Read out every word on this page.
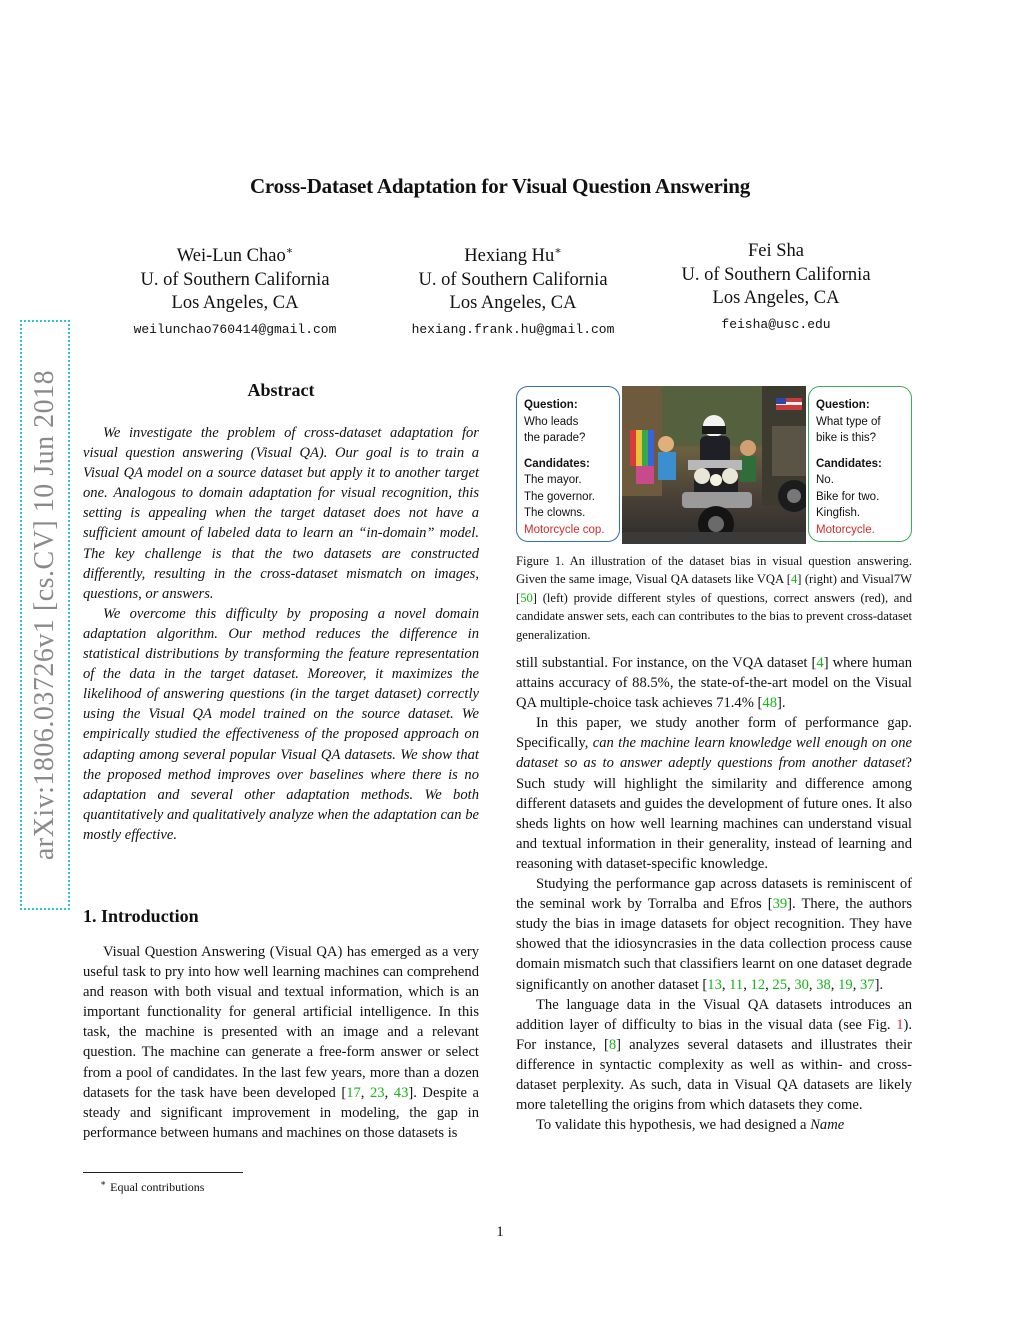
Cross-Dataset Adaptation for Visual Question Answering
Wei-Lun Chao∗
U. of Southern California
Los Angeles, CA
weilunchao760414@gmail.com
Hexiang Hu∗
U. of Southern California
Los Angeles, CA
hexiang.frank.hu@gmail.com
Fei Sha
U. of Southern California
Los Angeles, CA
feisha@usc.edu
arXiv:1806.03726v1 [cs.CV] 10 Jun 2018	Abstract

We investigate the problem of cross-dataset adaptation for visual question answering (Visual QA). Our goal is to train a Visual QA model on a source dataset but apply it to another target one. Analogous to domain adaptation for visual recognition, this setting is appealing when the target dataset does not have a sufficient amount of labeled data to learn an “in-domain” model. The key challenge is that the two datasets are constructed differently, resulting in the cross-dataset mismatch on images, questions, or answers.

We overcome this difficulty by proposing a novel domain adaptation algorithm. Our method reduces the difference in statistical distributions by transforming the feature representation of the data in the target dataset. Moreover, it maximizes the likelihood of answering questions (in the target dataset) correctly using the Visual QA model trained on the source dataset. We empirically studied the effectiveness of the proposed approach on adapting among several popular Visual QA datasets. We show that the proposed method improves over baselines where there is no adaptation and several other adaptation methods. We both quantitatively and qualitatively analyze when the adaptation can be mostly effective.

1. Introduction

Visual Question Answering (Visual QA) has emerged as a very useful task to pry into how well learning machines can comprehend and reason with both visual and textual information, which is an important functionality for general artificial intelligence. In this task, the machine is presented with an image and a relevant question. The machine can generate a free-form answer or select from a pool of candidates. In the last few years, more than a dozen datasets for the task have been developed [17, 23, 43]. Despite a steady and significant improvement in modeling, the gap in performance between humans and machines on those datasets is

∗ Equal contributions
Question:
Who leads
the parade?
Candidates:
The mayor.
The governor.
The clowns.
Motorcycle cop.
Question:
What type of
bike is this?
Candidates:
No.
Bike for two.
Kingfish.
Motorcycle.
Figure 1. An illustration of the dataset bias in visual question answering. Given the same image, Visual QA datasets like VQA [4] (right) and Visual7W [50] (left) provide different styles of questions, correct answers (red), and candidate answer sets, each can contributes to the bias to prevent cross-dataset generalization.

still substantial. For instance, on the VQA dataset [4] where human attains accuracy of 88.5%, the state-of-the-art model on the Visual QA multiple-choice task achieves 71.4% [48].

In this paper, we study another form of performance gap. Specifically, can the machine learn knowledge well enough on one dataset so as to answer adeptly questions from another dataset? Such study will highlight the similarity and difference among different datasets and guides the development of future ones. It also sheds lights on how well learning machines can understand visual and textual information in their generality, instead of learning and reasoning with dataset-specific knowledge.

Studying the performance gap across datasets is reminiscent of the seminal work by Torralba and Efros [39]. There, the authors study the bias in image datasets for object recognition. They have showed that the idiosyncrasies in the data collection process cause domain mismatch such that classifiers learnt on one dataset degrade significantly on another dataset [13, 11, 12, 25, 30, 38, 19, 37].

The language data in the Visual QA datasets introduces an addition layer of difficulty to bias in the visual data (see Fig. 1). For instance, [8] analyzes several datasets and illustrates their difference in syntactic complexity as well as within- and cross-dataset perplexity. As such, data in Visual QA datasets are likely more taletelling the origins from which datasets they come.

To validate this hypothesis, we had designed a Name

1
